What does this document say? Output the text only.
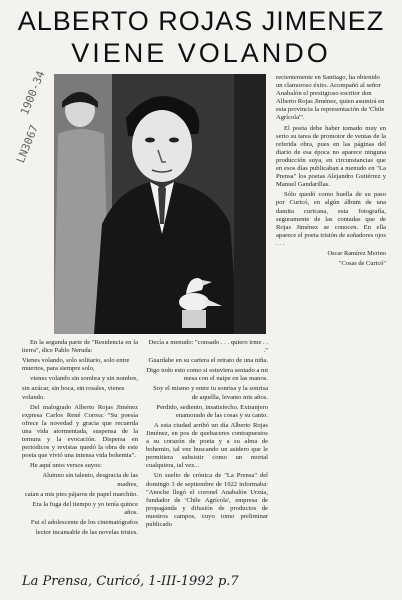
ALBERTO ROJAS JIMENEZ
VIENE VOLANDO
1900-34
LN3067

En la segunda parte de "Residencia en la tierra", dice Pablo Neruda:

Vienes volando, solo solitario, solo entre muertos, para siempre solo,

vienes volando sin sombra y sin nombre,

sin azúcar, sin boca, sin rosales, vienes volando.

Del malogrado Alberto Rojas Jiménez expresa Carlos René Correa: "Su poesía ofrece la novedad y gracia que recuerda una vida atormentada, suspensa de la ternura y la evocación. Dispersa en periódicos y revistas quedó la obra de este poeta que vivió una intensa vida bohemia".

He aquí unos versos suyos:

Alumno sin talento, desgracia de las madres,

caían a mis pies pájaros de papel marchito.

Era la fuga del tiempo y yo tenía quince años.

Fui el adolescente de los cinematógrafos

lector incansable de las novelas tristes.

Decía a menudo: "consado . . . quiero irme . . ."

Guardabe en su cartera el retrato de una niña.

Digo todo esto como si estuviera sentado a mi mesa con el naipe en las manos.

Soy el mismo y entre tu sonrisa y la sonrisa de aquélla, levanto mis años.

Perdido, sediento, insatisfecho. Extranjero enamorado de las cosas y su canto.

A esta ciudad arribó un día Alberto Rojas Jiménez, en pos de quehaceres contrapuestos a su corazón de poeta y a su alma de bohemio, tal vez buscando un asidero que le permitiera subsistir como un mortal cualquiera, tal vez...

Un suelto de crónica de "La Prensa" del domingo 3 de septiembre de 1922 informaba: "Anoche llegó el coronel Anabalón Urzúa, fundador de 'Chile Agrícola', empresa de propaganda y difusión de productos de nuestros campos, cuyo tomo preliminar publicado

recientemente en Santiago, ha obtenido un clamoroso éxito. Acompañó al señor Anabalón el prestigioso escritor don Alberto Rojas Jiménez, quien asumirá en esta provincia la representación de 'Chile Agrícola'".

El poeta debe haber tomado muy en serio su tarea de promotor de ventas de la referida obra, pues en las páginas del diario de esa época no aparece ninguna producción suya, en circunstancias que en esos días publicaban a menudo en "La Prensa" los poetas Alejandro Gutiérrez y Manuel Gandarillas.

Sólo quedó como huella de su paso por Curicó, en algún álbum de una damita curicana, esta fotografía, seguramente de las contadas que de Rojas Jiménez se conocen. En ella aparece el poeta tristón de soñadores ojos . . .

Oscar Ramírez Merino

"Cosas de Curicó"

La Prensa, Curicó, 1-III-1992 p.7
